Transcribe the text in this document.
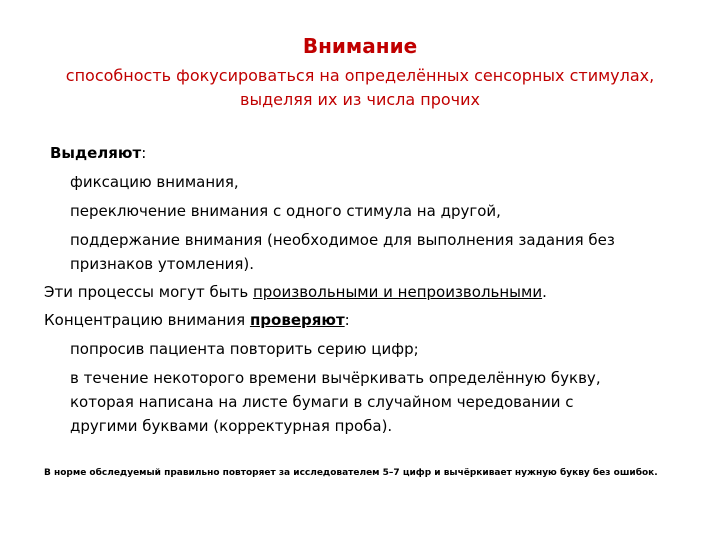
Внимание
способность фокусироваться на определённых сенсорных стимулах, выделяя их из числа прочих
Выделяют:
фиксацию внимания,
переключение внимания с одного стимула на другой,
поддержание внимания (необходимое для выполнения задания без
признаков утомления).
Эти процессы могут быть произвольными и непроизвольными.
Концентрацию внимания проверяют:
попросив пациента повторить серию цифр;
в течение некоторого времени вычёркивать определённую букву,
которая написана на листе бумаги в случайном чередовании с
другими буквами (корректурная проба).
В норме обследуемый правильно повторяет за исследователем 5–7 цифр и вычёркивает нужную букву без ошибок.
